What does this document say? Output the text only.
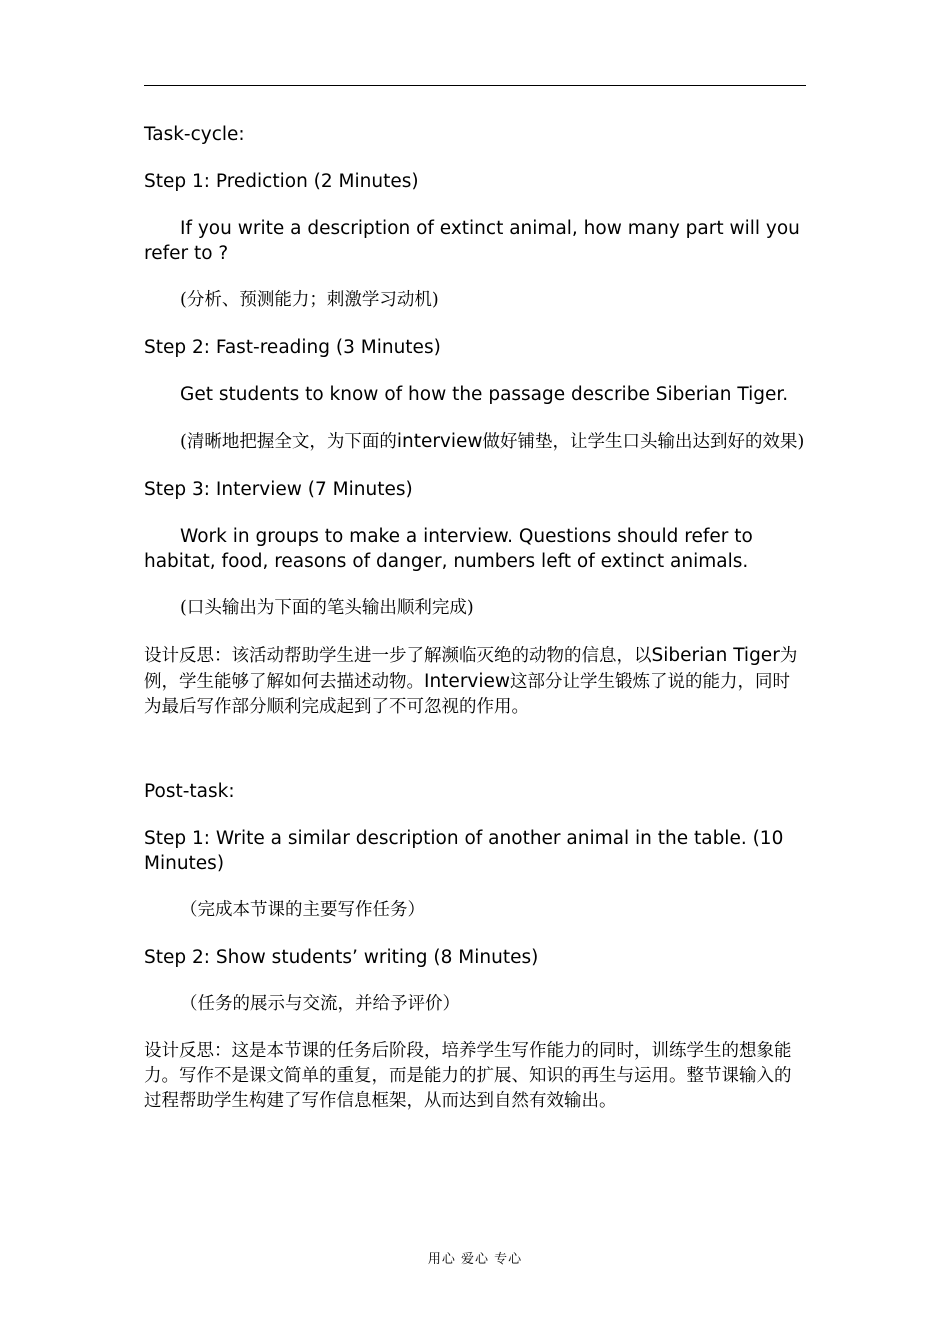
Task-cycle:

Step 1: Prediction (2 Minutes)

If you write a description of extinct animal, how many part will you refer to ?

(分析、预测能力；刺激学习动机)

Step 2: Fast-reading (3 Minutes)

Get students to know of how the passage describe Siberian Tiger.

(清晰地把握全文，为下面的interview做好铺垫，让学生口头输出达到好的效果)

Step 3: Interview (7 Minutes)

Work in groups to make a interview. Questions should refer to habitat, food, reasons of danger, numbers left of extinct animals.

(口头输出为下面的笔头输出顺利完成)

设计反思：该活动帮助学生进一步了解濒临灭绝的动物的信息，以Siberian Tiger为例，学生能够了解如何去描述动物。Interview这部分让学生锻炼了说的能力，同时为最后写作部分顺利完成起到了不可忽视的作用。

Post-task:

Step 1: Write a similar description of another animal in the table. (10 Minutes)

（完成本节课的主要写作任务）

Step 2: Show students’ writing (8 Minutes)

（任务的展示与交流，并给予评价）

设计反思：这是本节课的任务后阶段，培养学生写作能力的同时，训练学生的想象能力。写作不是课文简单的重复，而是能力的扩展、知识的再生与运用。整节课输入的过程帮助学生构建了写作信息框架，从而达到自然有效输出。

用心 爱心 专心
